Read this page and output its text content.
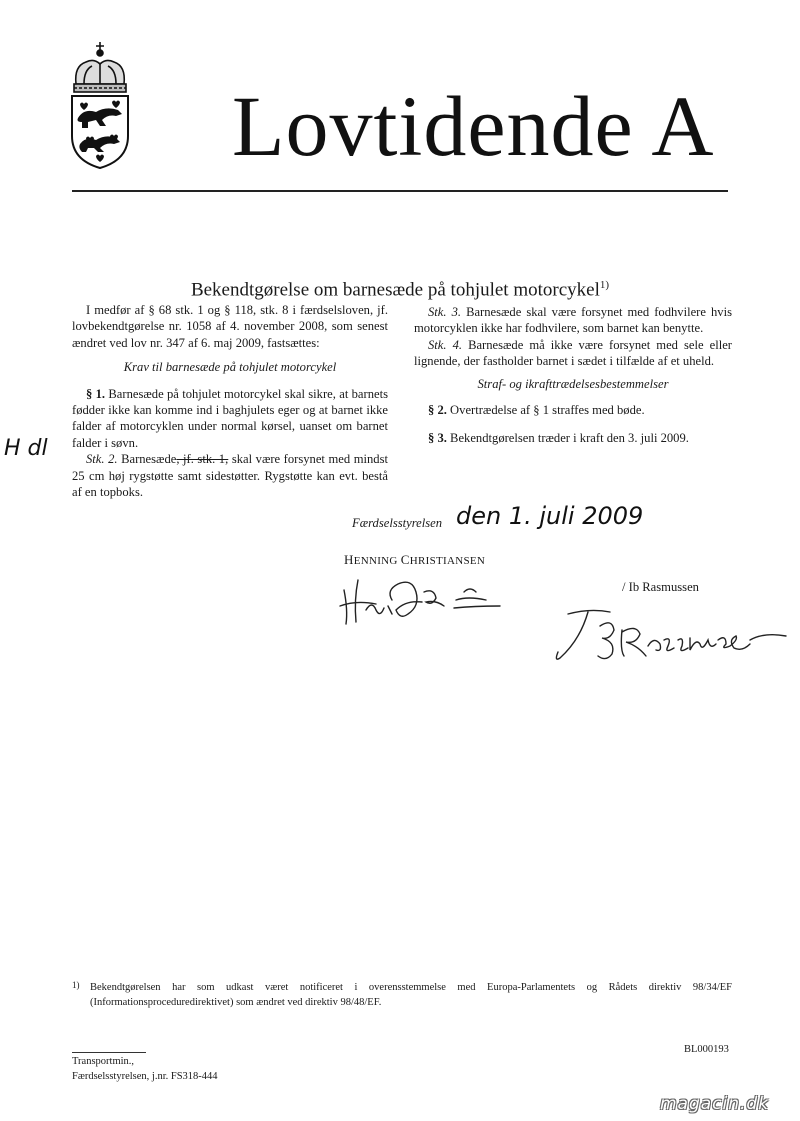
Lovtidende A
Bekendtgørelse om barnesæde på tohjulet motorcykel$^{1)}$

I medfør af § 68 stk. 1 og § 118, stk. 8 i færdselsloven, jf. lovbekendtgørelse nr. 1058 af 4. november 2008, som senest ændret ved lov nr. 347 af 6. maj 2009, fastsættes:

Krav til barnesæde på tohjulet motorcykel

§ 1. Barnesæde på tohjulet motorcykel skal sikre, at barnets fødder ikke kan komme ind i baghjulets eger og at barnet ikke falder af motorcyklen under normal kørsel, uanset om barnet falder i søvn.

Stk. 2. Barnesæde, jf. stk. 1, skal være forsynet med mindst 25 cm høj rygstøtte samt sidestøtter. Rygstøtte kan evt. bestå af en topboks.

Stk. 3. Barnesæde skal være forsynet med fodhvilere hvis motorcyklen ikke har fodhvilere, som barnet kan benytte.

Stk. 4. Barnesæde må ikke være forsynet med sele eller lignende, der fastholder barnet i sædet i tilfælde af et uheld.

Straf- og ikrafttrædelsesbestemmelser

§ 2. Overtrædelse af § 1 straffes med bøde.

§ 3. Bekendtgørelsen træder i kraft den 3. juli 2009.

H dl
Færdselsstyrelsen den 1. juli 2009
HENNING CHRISTIANSEN
/ Ib Rasmussen
1) Bekendtgørelsen har som udkast været notificeret i overensstemmelse med Europa-Parlamentets og Rådets direktiv 98/34/EF (Informationsproceduredirektivet) som ændret ved direktiv 98/48/EF.
BL000193
Transportmin.,
Færdselsstyrelsen, j.nr. FS318-444
magacin.dk
